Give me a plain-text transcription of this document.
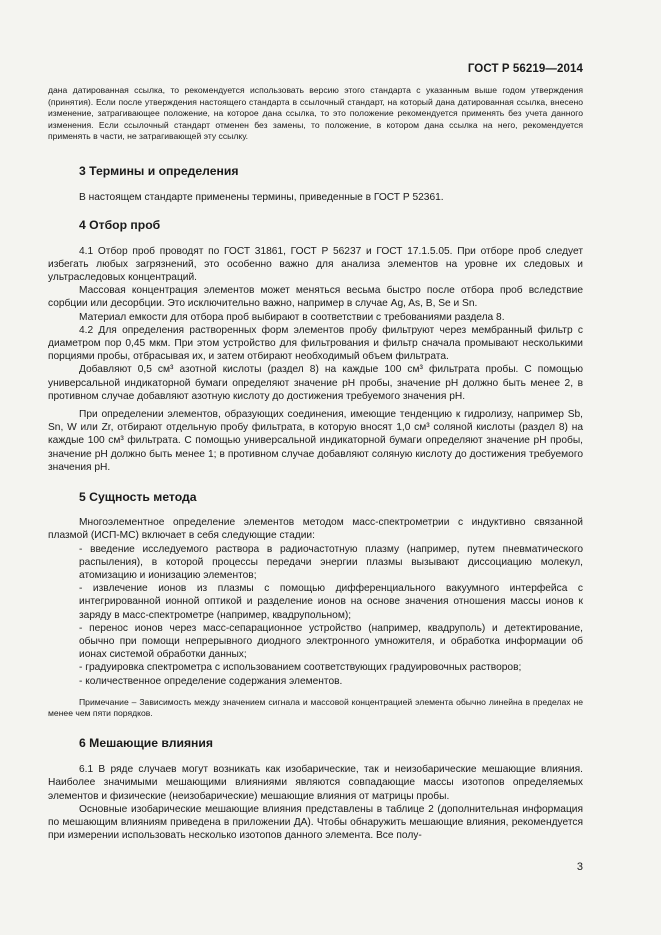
ГОСТ Р 56219—2014

дана датированная ссылка, то рекомендуется использовать версию этого стандарта с указанным выше годом утверждения (принятия). Если после утверждения настоящего стандарта в ссылочный стандарт, на который дана датированная ссылка, внесено изменение, затрагивающее положение, на которое дана ссылка, то это положение рекомендуется применять без учета данного изменения. Если ссылочный стандарт отменен без замены, то положение, в котором дана ссылка на него, рекомендуется применять в части, не затрагивающей эту ссылку.

3 Термины и определения

В настоящем стандарте применены термины, приведенные в ГОСТ Р 52361.

4 Отбор проб

4.1 Отбор проб проводят по ГОСТ 31861, ГОСТ Р 56237 и ГОСТ 17.1.5.05. При отборе проб следует избегать любых загрязнений, это особенно важно для анализа элементов на уровне их следовых и ультраследовых концентраций.

Массовая концентрация элементов может меняться весьма быстро после отбора проб вследствие сорбции или десорбции. Это исключительно важно, например в случае Ag, As, B, Se и Sn.

Материал емкости для отбора проб выбирают в соответствии с требованиями раздела 8.

4.2 Для определения растворенных форм элементов пробу фильтруют через мембранный фильтр с диаметром пор 0,45 мкм. При этом устройство для фильтрования и фильтр сначала промывают несколькими порциями пробы, отбрасывая их, и затем отбирают необходимый объем фильтрата.

Добавляют 0,5 см³ азотной кислоты (раздел 8) на каждые 100 см³ фильтрата пробы. С помощью универсальной индикаторной бумаги определяют значение pH пробы, значение pH должно быть менее 2, в противном случае добавляют азотную кислоту до достижения требуемого значения pH.

При определении элементов, образующих соединения, имеющие тенденцию к гидролизу, например Sb, Sn, W или Zr, отбирают отдельную пробу фильтрата, в которую вносят 1,0 см³ соляной кислоты (раздел 8) на каждые 100 см³ фильтрата. С помощью универсальной индикаторной бумаги определяют значение pH пробы, значение pH должно быть менее 1; в противном случае добавляют соляную кислоту до достижения требуемого значения pH.

5 Сущность метода

Многоэлементное определение элементов методом масс-спектрометрии с индуктивно связанной плазмой (ИСП-МС) включает в себя следующие стадии:

- введение исследуемого раствора в радиочастотную плазму (например, путем пневматического распыления), в которой процессы передачи энергии плазмы вызывают диссоциацию молекул, атомизацию и ионизацию элементов;

- извлечение ионов из плазмы с помощью дифференциального вакуумного интерфейса с интегрированной ионной оптикой и разделение ионов на основе значения отношения массы ионов к заряду в масс-спектрометре (например, квадрупольном);

- перенос ионов через масс-сепарационное устройство (например, квадруполь) и детектирование, обычно при помощи непрерывного диодного электронного умножителя, и обработка информации об ионах системой обработки данных;

- градуировка спектрометра с использованием соответствующих градуировочных растворов;

- количественное определение содержания элементов.

Примечание – Зависимость между значением сигнала и массовой концентрацией элемента обычно линейна в пределах не менее чем пяти порядков.

6 Мешающие влияния

6.1 В ряде случаев могут возникать как изобарические, так и неизобарические мешающие влияния. Наиболее значимыми мешающими влияниями являются совпадающие массы изотопов определяемых элементов и физические (неизобарические) мешающие влияния от матрицы пробы.

Основные изобарические мешающие влияния представлены в таблице 2 (дополнительная информация по мешающим влияниям приведена в приложении ДА). Чтобы обнаружить мешающие влияния, рекомендуется при измерении использовать несколько изотопов данного элемента. Все полу-

3
